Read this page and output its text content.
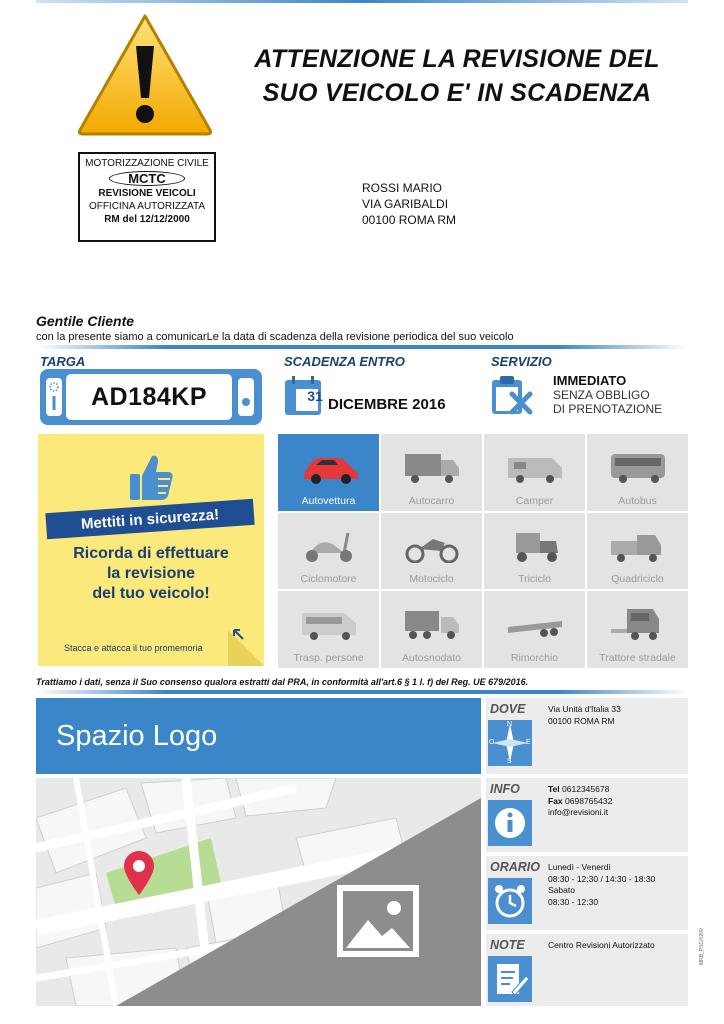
ATTENZIONE LA REVISIONE DEL
SUO VEICOLO E' IN SCADENZA
MOTORIZZAZIONE CIVILE
MCTC
REVISIONE VEICOLI
OFFICINA AUTORIZZATA
RM del 12/12/2000
ROSSI MARIO
VIA GARIBALDI
00100 ROMA RM
Gentile Cliente
con la presente siamo a comunicarLe la data di scadenza della revisione periodica del suo veicolo
TARGA
AD184KP
SCADENZA ENTRO
31 DICEMBRE 2016
SERVIZIO
IMMEDIATO
SENZA OBBLIGO
DI PRENOTAZIONE
Mettiti in sicurezza!
Ricorda di effettuare
la revisione
del tuo veicolo!
Stacca e attacca il tuo promemoria
Autovettura	Autocarro	Camper	Autobus
Ciclomotore	Motociclo	Triciclo	Quadriciclo
Trasp. persone	Autosnodato	Rimorchio	Trattore stradale
Trattiamo i dati, senza il Suo consenso qualora estratti dal PRA, in conformità all'art.6 § 1 l. f) del Reg. UE 679/2016.
Spazio Logo
DOVE
N
S
E
O
Via Unità d'Italia 33
00100 ROMA RM
INFO	Tel 0612345678
Fax 0698765432
info@revisioni.it
ORARIO Lunedì - Venerdì
08:30 - 12:30 / 14:30 - 18:30
Sabato
08:30 - 12:30
NOTE	Centro Revisioni Autorizzato	MRB_PSC/0200
